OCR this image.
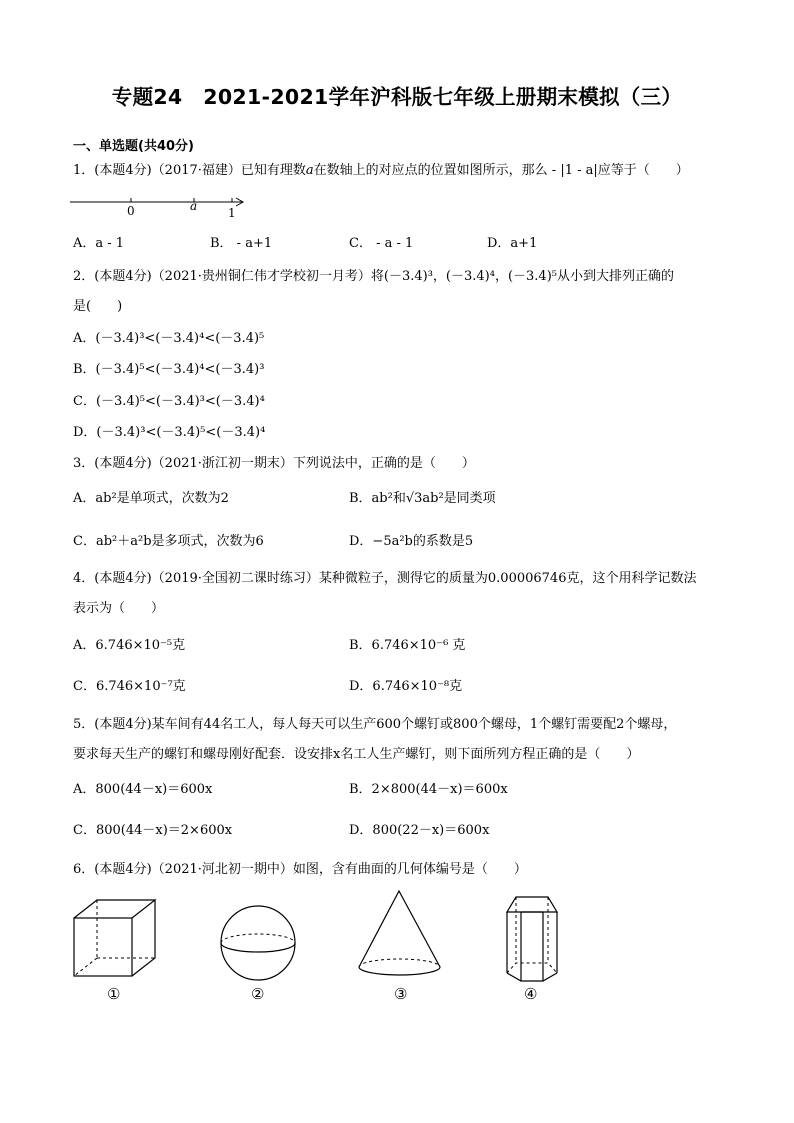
专题24　2021-2021学年沪科版七年级上册期末模拟（三）
一、单选题(共40分)
1．(本题4分)（2017·福建）已知有理数a在数轴上的对应点的位置如图所示，那么 - |1 - a|应等于（　　）
0	a	1
A．a - 1	B． - a+1	C． - a - 1	D．a+1
2．(本题4分)（2021·贵州铜仁伟才学校初一月考）将(－3.4)³，(－3.4)⁴，(－3.4)⁵从小到大排列正确的
是(　　)
A．(－3.4)³<(－3.4)⁴<(－3.4)⁵
B．(－3.4)⁵<(－3.4)⁴<(－3.4)³
C．(－3.4)⁵<(－3.4)³<(－3.4)⁴
D．(－3.4)³<(－3.4)⁵<(－3.4)⁴
3．(本题4分)（2021·浙江初一期末）下列说法中，正确的是（　　）
A．ab²是单项式，次数为2	B．ab²和√3ab²是同类项
C．ab²＋a²b是多项式，次数为6	D．−5a²b的系数是5
4．(本题4分)（2019·全国初二课时练习）某种微粒子，测得它的质量为0.00006746克，这个用科学记数法
表示为（　　）
A．6.746×10⁻⁵克	B．6.746×10⁻⁶ 克
C．6.746×10⁻⁷克	D．6.746×10⁻⁸克
5．(本题4分)某车间有44名工人，每人每天可以生产600个螺钉或800个螺母，1个螺钉需要配2个螺母，
要求每天生产的螺钉和螺母刚好配套．设安排x名工人生产螺钉，则下面所列方程正确的是（　　）
A．800(44－x)＝600x	B．2×800(44－x)＝600x
C．800(44－x)＝2×600x	D．800(22－x)＝600x
6．(本题4分)（2021·河北初一期中）如图，含有曲面的几何体编号是（　　）
①	②	③	④
